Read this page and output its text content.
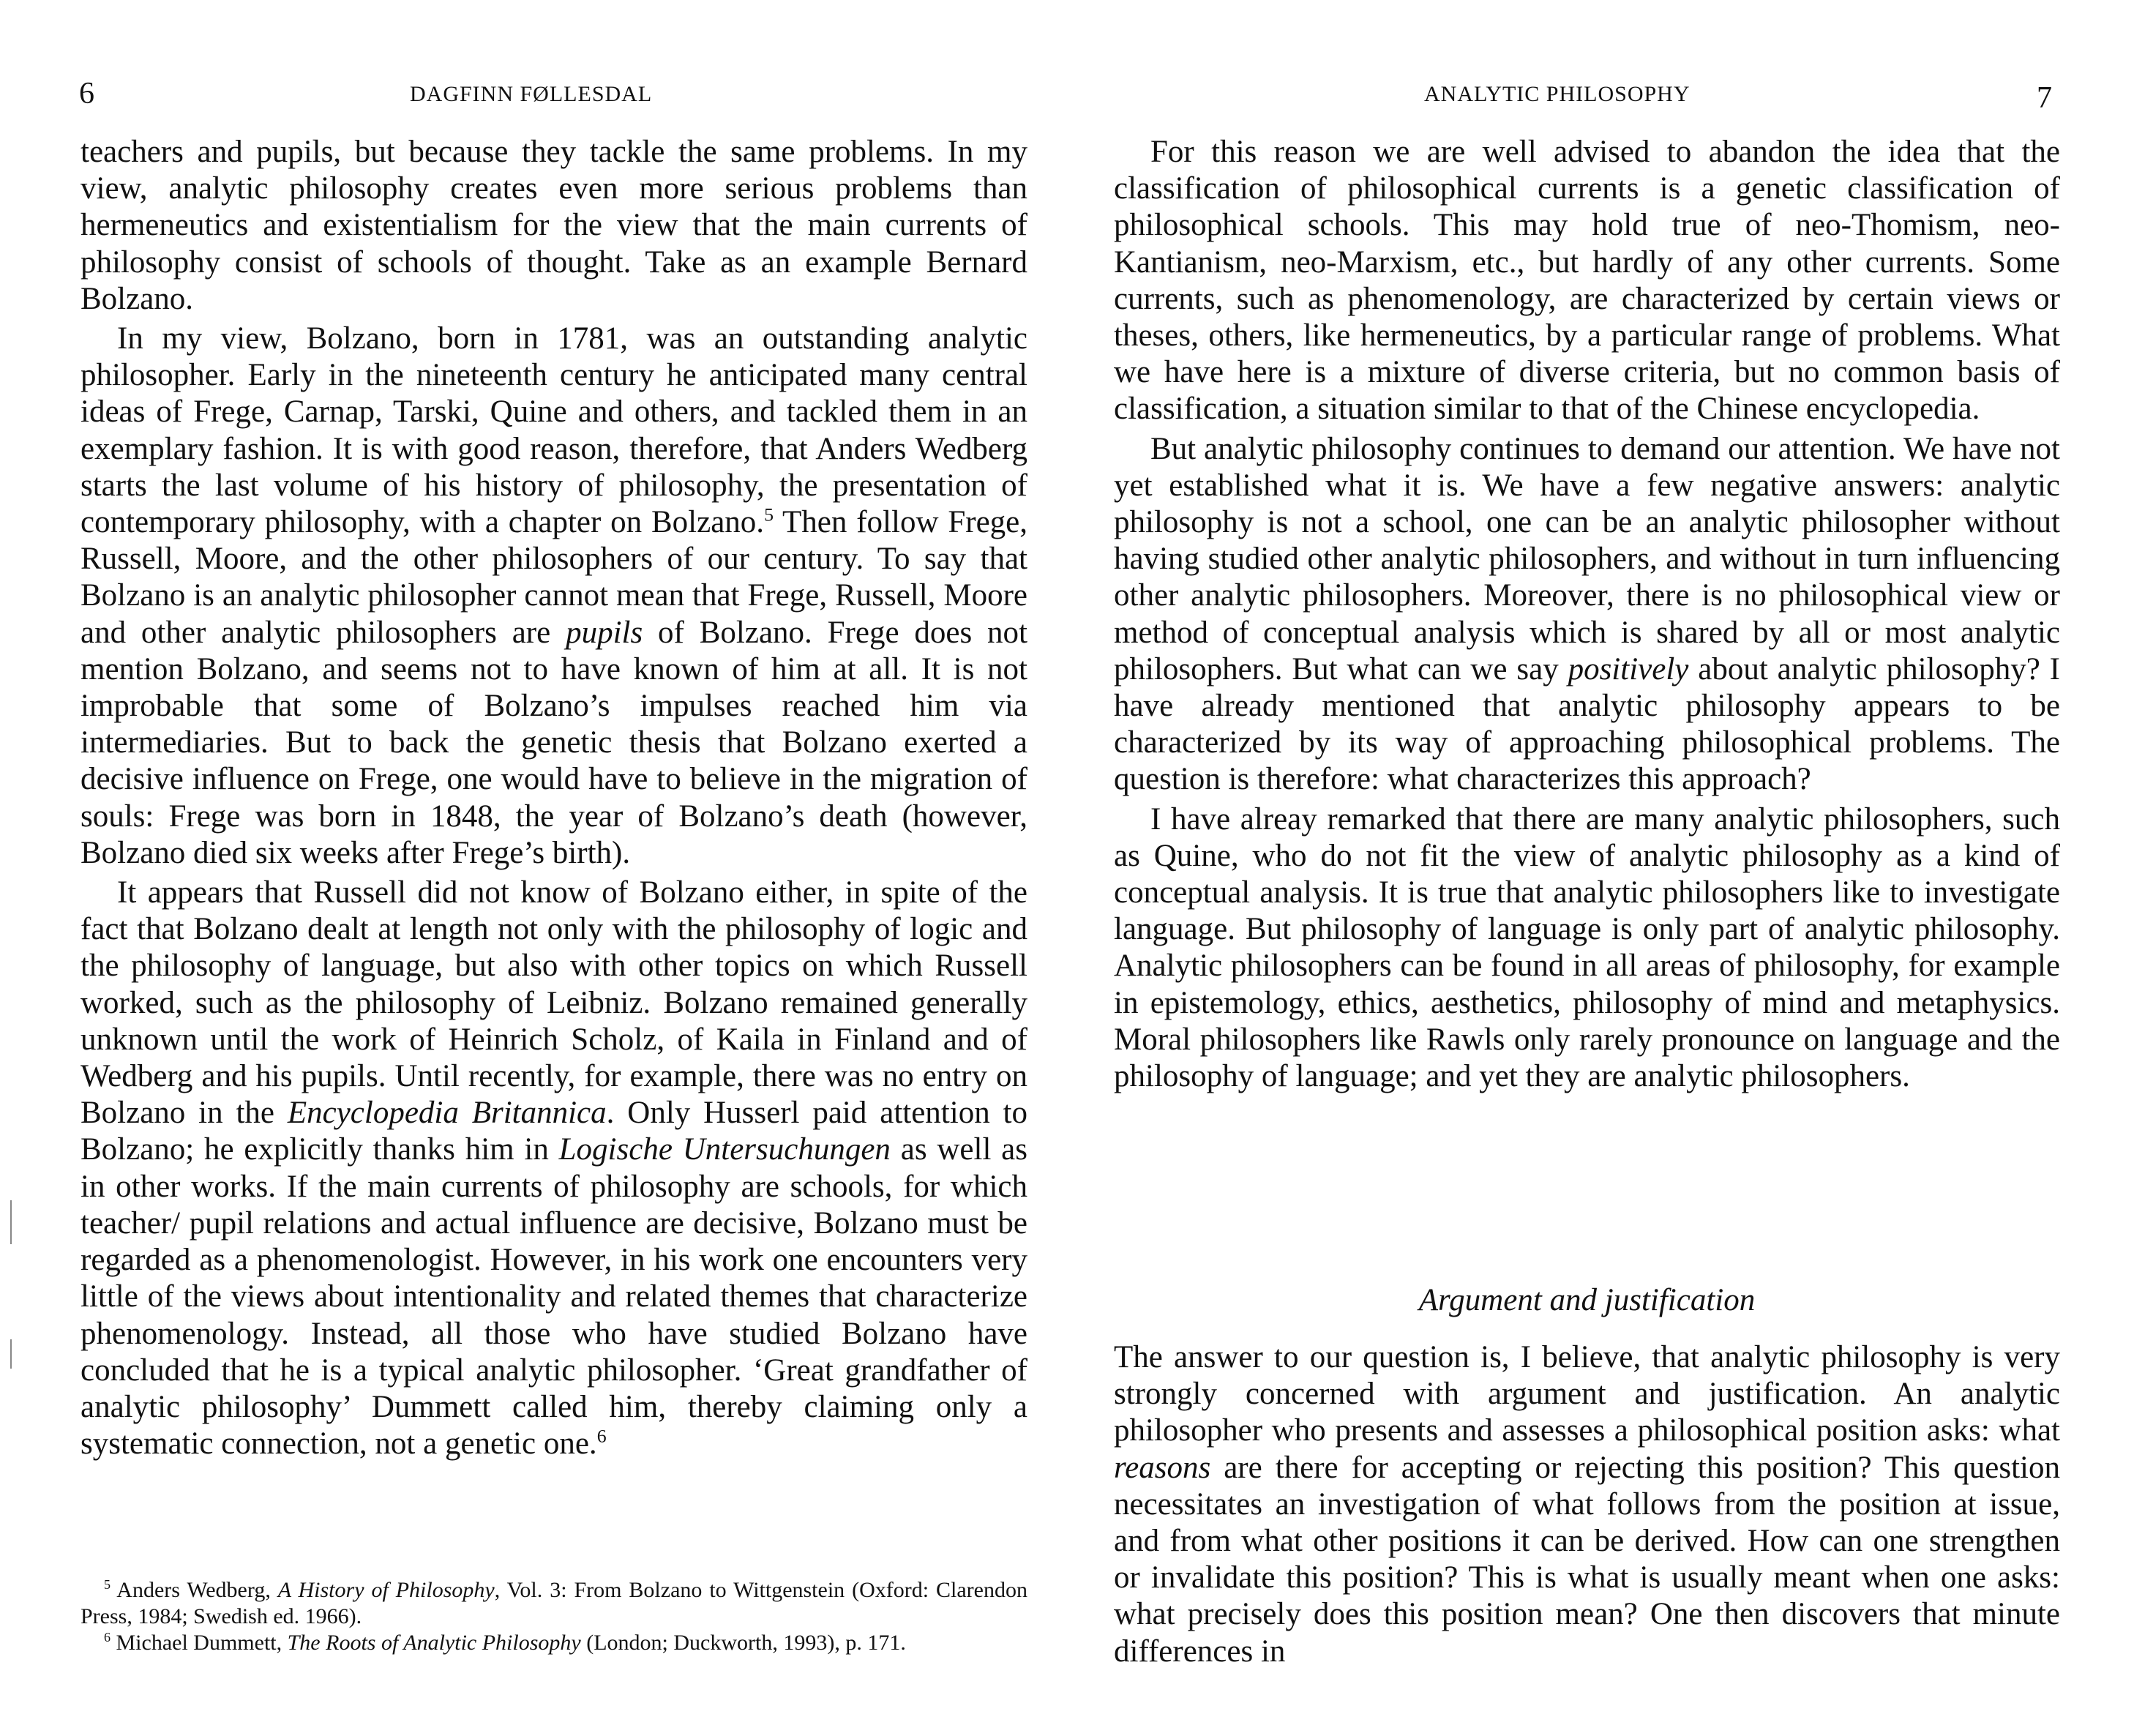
6	DAGFINN FØLLESDAL

teachers and pupils, but because they tackle the same problems. In my view, analytic philosophy creates even more serious problems than hermeneutics and existentialism for the view that the main currents of philosophy consist of schools of thought. Take as an example Bernard Bolzano.

In my view, Bolzano, born in 1781, was an outstanding analytic philosopher. Early in the nineteenth century he anticipated many central ideas of Frege, Carnap, Tarski, Quine and others, and tackled them in an exemplary fashion. It is with good reason, therefore, that Anders Wedberg starts the last volume of his history of philosophy, the presentation of contemporary philosophy, with a chapter on Bolzano.$^5$ Then follow Frege, Russell, Moore, and the other philosophers of our century. To say that Bolzano is an analytic philosopher cannot mean that Frege, Russell, Moore and other analytic philosophers are pupils of Bolzano. Frege does not mention Bolzano, and seems not to have known of him at all. It is not improbable that some of Bolzano’s impulses reached him via intermediaries. But to back the genetic thesis that Bolzano exerted a decisive influence on Frege, one would have to believe in the migration of souls: Frege was born in 1848, the year of Bolzano’s death (however, Bolzano died six weeks after Frege’s birth).

It appears that Russell did not know of Bolzano either, in spite of the fact that Bolzano dealt at length not only with the philosophy of logic and the philosophy of language, but also with other topics on which Russell worked, such as the philosophy of Leibniz. Bolzano remained generally unknown until the work of Heinrich Scholz, of Kaila in Finland and of Wedberg and his pupils. Until recently, for example, there was no entry on Bolzano in the Encyclopedia Britannica. Only Husserl paid attention to Bolzano; he explicitly thanks him in Logische Untersuchungen as well as in other works. If the main currents of philosophy are schools, for which teacher/ pupil relations and actual influence are decisive, Bolzano must be regarded as a phenomenologist. However, in his work one encounters very little of the views about intentionality and related themes that characterize phenomenology. Instead, all those who have studied Bolzano have concluded that he is a typical analytic philosopher. ‘Great grandfather of analytic philosophy’ Dummett called him, thereby claiming only a systematic connection, not a genetic one.$^6$

$^5$ Anders Wedberg, A History of Philosophy, Vol. 3: From Bolzano to Wittgenstein (Oxford: Clarendon Press, 1984; Swedish ed. 1966).

$^6$ Michael Dummett, The Roots of Analytic Philosophy (London; Duckworth, 1993), p. 171.

ANALYTIC PHILOSOPHY	7

For this reason we are well advised to abandon the idea that the classification of philosophical currents is a genetic classification of philosophical schools. This may hold true of neo-Thomism, neo-Kantianism, neo-Marxism, etc., but hardly of any other currents. Some currents, such as phenomenology, are characterized by certain views or theses, others, like hermeneutics, by a particular range of problems. What we have here is a mixture of diverse criteria, but no common basis of classification, a situation similar to that of the Chinese encyclopedia.

But analytic philosophy continues to demand our attention. We have not yet established what it is. We have a few negative answers: analytic philosophy is not a school, one can be an analytic philosopher without having studied other analytic philosophers, and without in turn influencing other analytic philosophers. Moreover, there is no philosophical view or method of conceptual analysis which is shared by all or most analytic philosophers. But what can we say positively about analytic philosophy? I have already mentioned that analytic philosophy appears to be characterized by its way of approaching philosophical problems. The question is therefore: what characterizes this approach?

I have alreay remarked that there are many analytic philosophers, such as Quine, who do not fit the view of analytic philosophy as a kind of conceptual analysis. It is true that analytic philosophers like to investigate language. But philosophy of language is only part of analytic philosophy. Analytic philosophers can be found in all areas of philosophy, for example in epistemology, ethics, aesthetics, philosophy of mind and metaphysics. Moral philosophers like Rawls only rarely pronounce on language and the philosophy of language; and yet they are analytic philosophers.

Argument and justification

The answer to our question is, I believe, that analytic philosophy is very strongly concerned with argument and justification. An analytic philosopher who presents and assesses a philosophical position asks: what reasons are there for accepting or rejecting this position? This question necessitates an investigation of what follows from the position at issue, and from what other positions it can be derived. How can one strengthen or invalidate this position? This is what is usually meant when one asks: what precisely does this position mean? One then discovers that minute differences in
